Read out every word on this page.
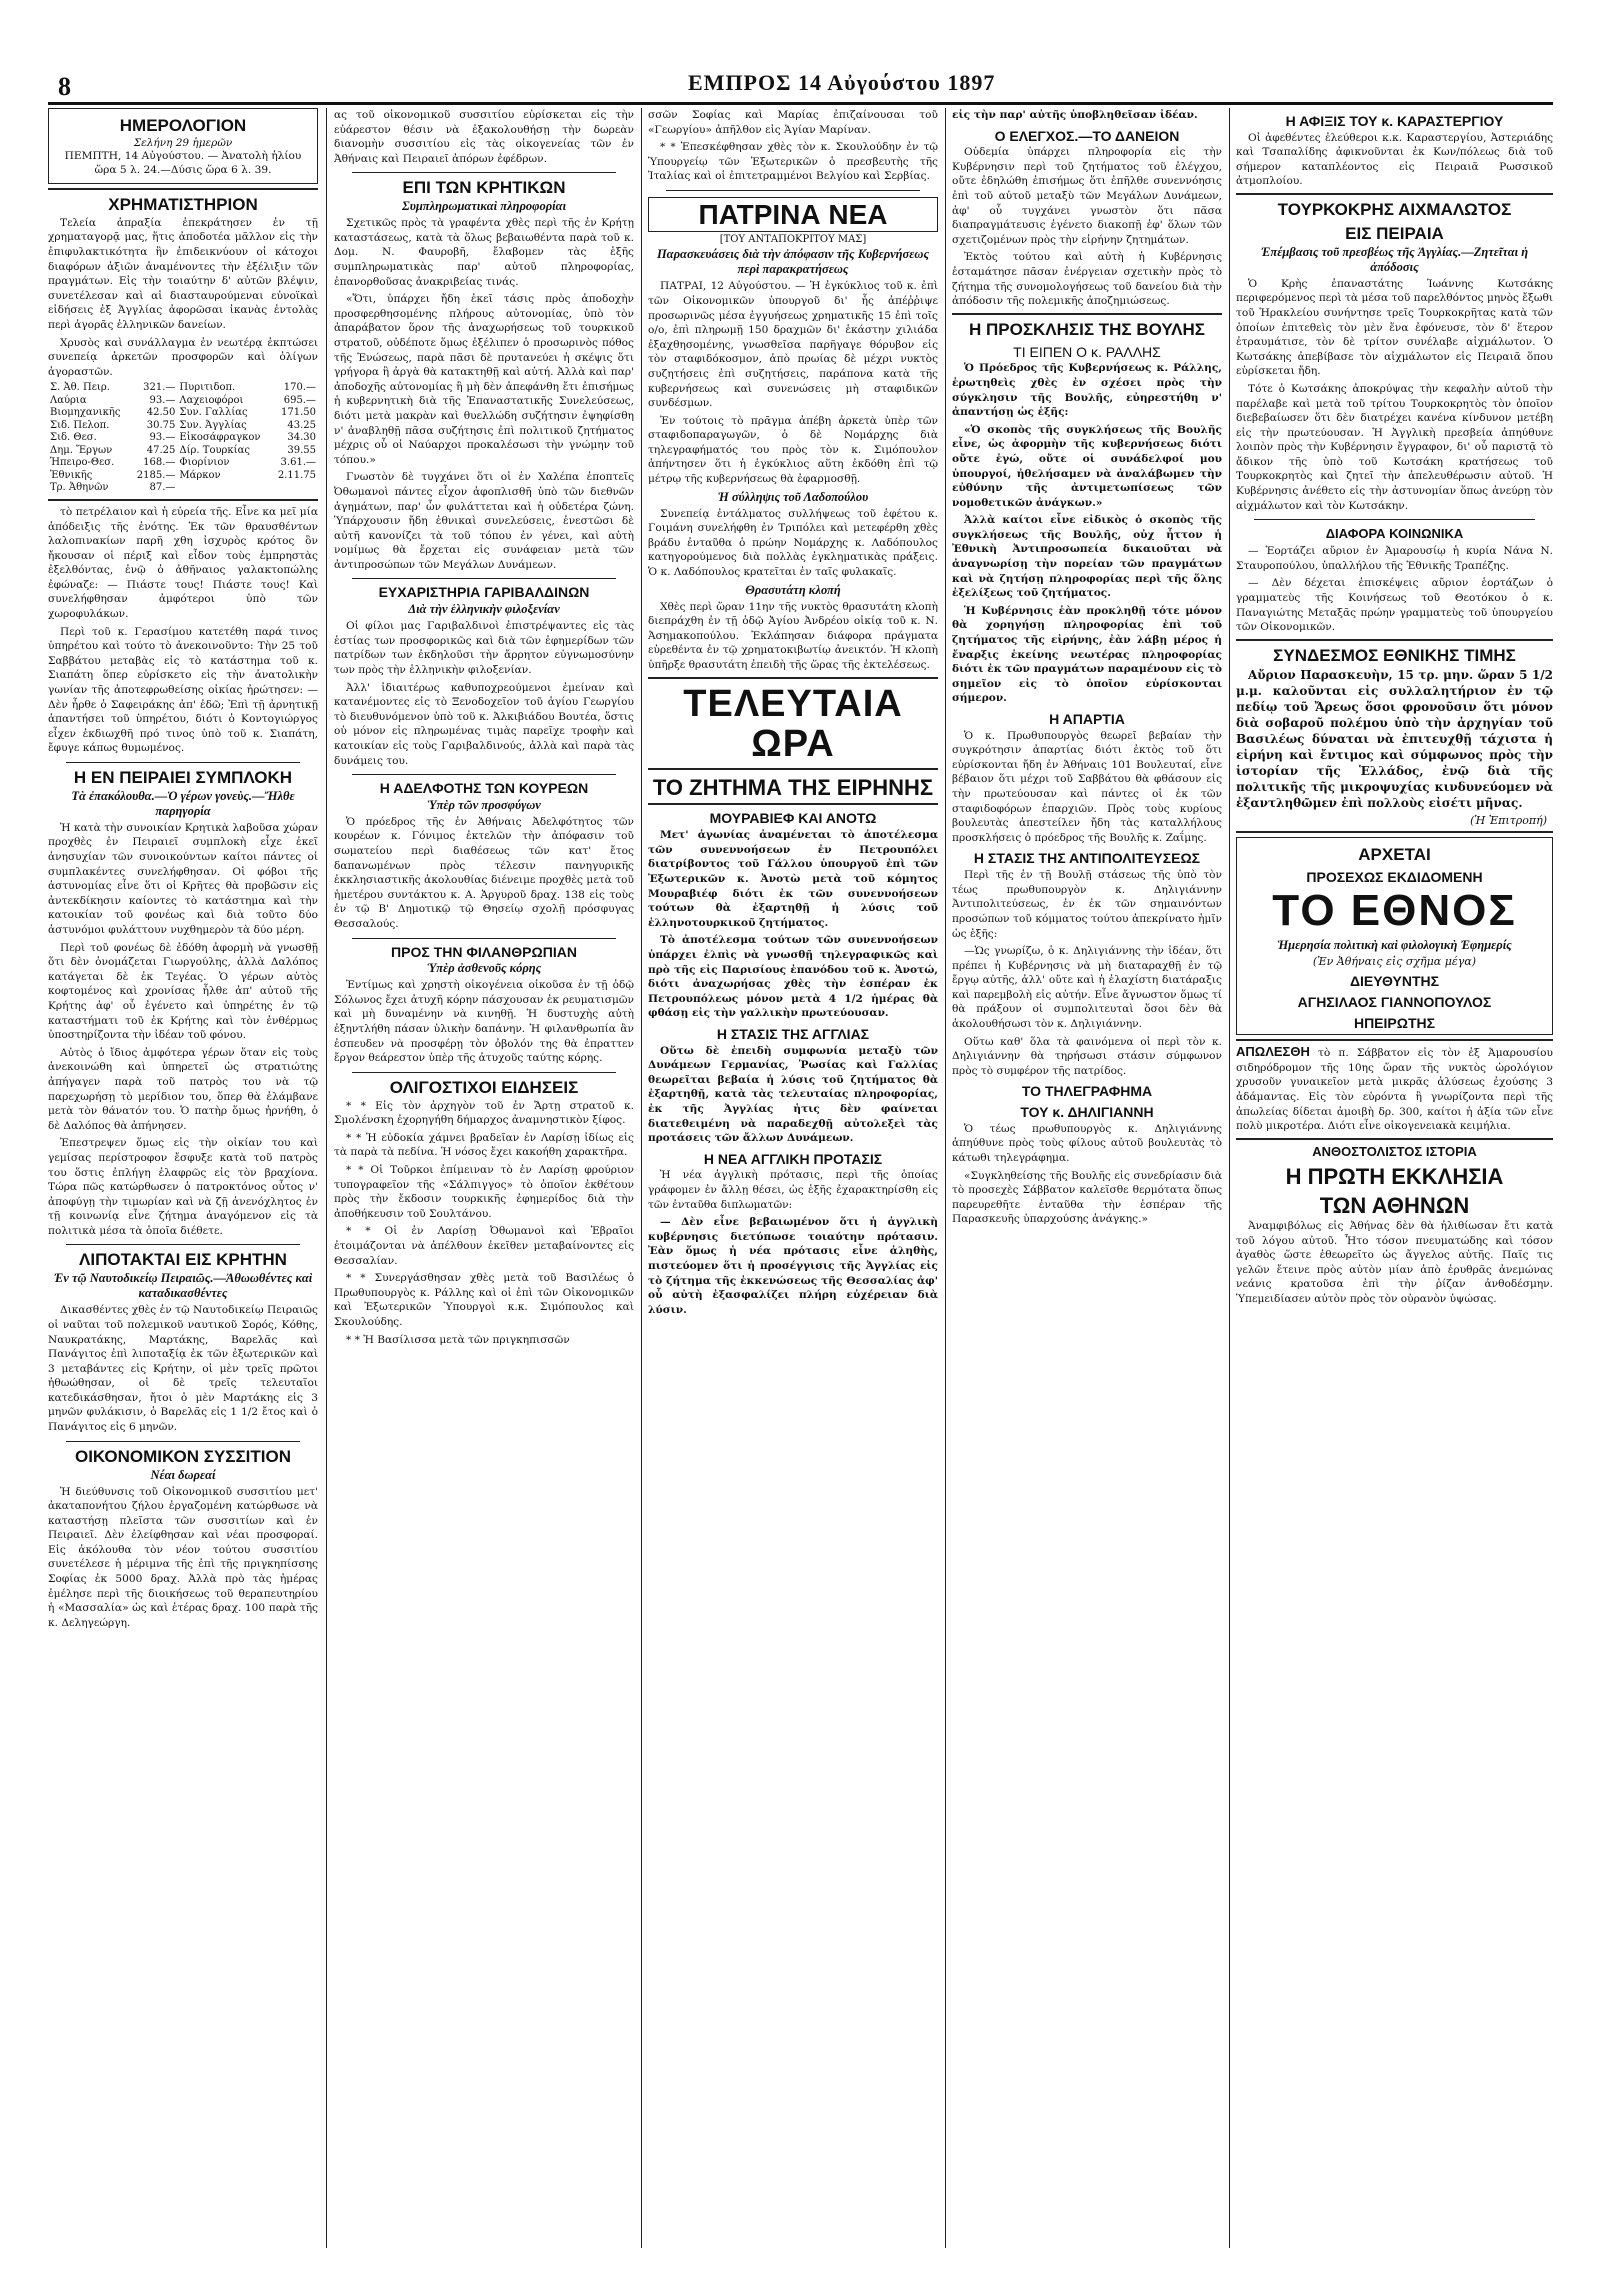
8	ΕΜΠΡΟΣ 14 Αὐγούστου 1897
ΗΜΕΡΟΛΟΓΙΟΝ
Σελήνη 29 ἡμερῶν

ΠΕΜΠΤΗ, 14 Αὐγούστου. — Ἀνατολὴ ἡλίου ὥρα 5 λ. 24.—Δύσις ὥρα 6 λ. 39.

ΧΡΗΜΑΤΙΣΤΗΡΙΟΝ

Τελεία ἀπραξία ἐπεκράτησεν ἐν τῇ χρηματαγορᾷ μας, ἥτις ἀποδοτέα μᾶλλον εἰς τὴν ἐπιφυλακτικότητα ἣν ἐπιδεικνύουν οἱ κάτοχοι διαφόρων ἀξιῶν ἀναμένοντες τὴν ἐξέλιξιν τῶν πραγμάτων. Εἰς τὴν τοιαύτην δ' αὐτῶν βλέψιν, συνετέλεσαν καὶ αἱ διασταυρούμεναι εὐνοϊκαὶ εἰδήσεις ἐξ Ἀγγλίας ἀφορῶσαι ἱκανὰς ἐντολὰς περὶ ἀγορᾶς ἑλληνικῶν δανείων.

Χρυσὸς καὶ συνάλλαγμα ἐν νεωτέρᾳ ἐκπτώσει συνεπείᾳ ἀρκετῶν προσφορῶν καὶ ὀλίγων ἀγοραστῶν.

Σ. Ἀθ. Πειρ.	321.—	Πυριτιδοπ.	170.—
Λαύρια	93.—	Λαχειοφόροι	695.—
Βιομηχανικῆς	42.50	Συν. Γαλλίας	171.50
Σιδ. Πελοπ.	30.75	Συν. Ἀγγλίας	43.25
Σιδ. Θεσ.	93.—	Εἰκοσάφραγκον	34.30
Δημ. Ἔργων	47.25	Δίρ. Τουρκίας	39.55
Ἠπειρο-Θεσ.	168.—	Φιορίνιον	3.61.—
Ἐθνικῆς	2185.—	Μάρκον	2.11.75
Τρ. Ἀθηνῶν	87.—		

τὸ πετρέλαιον καὶ ἡ εὐρεία τῆς. Εἶνε κα μεῖ μία ἀπόδειξις τῆς ἑνότης. Ἐκ τῶν θραυσθέντων λαλοπινακίων παρῆ χθη ἰσχυρὸς κρότος ὃν ἤκουσαν οἱ πέριξ καὶ εἶδον τοὺς ἐμπρηστὰς ἐξελθόντας, ἐνῷ ὁ ἀθῆναιος γαλακτοπώλης ἐφώναζε: — Πιάστε τους! Πιάστε τους! Καὶ συνελήφθησαν ἀμφότεροι ὑπὸ τῶν χωροφυλάκων.

Περὶ τοῦ κ. Γερασίμου κατετέθη παρά τινος ὑπηρέτου καὶ τούτο τὸ ἀνεκοινοῦντο: Τὴν 25 τοῦ Σαββάτου μεταβὰς εἰς τὸ κατάστημα τοῦ κ. Σιαπάτη ὅπερ εὑρίσκετο εἰς τὴν ἀνατολικὴν γωνίαν τῆς ἀποτεφρωθείσης οἰκίας ἠρώτησεν: — Δὲν ἦρθε ὁ Σαφειράκης ἀπ' ἐδῶ; Ἐπὶ τῇ ἀρνητικῇ ἀπαντήσει τοῦ ὑπηρέτου, διότι ὁ Κοντογιώργος εἶχεν ἐκδιωχθῆ πρό τινος ὑπὸ τοῦ κ. Σιαπάτη, ἔφυγε κάπως θυμωμένος.

Η ΕΝ ΠΕΙΡΑΙΕΙ ΣΥΜΠΛΟΚΗ
Τὰ ἐπακόλουθα.—Ὁ γέρων γονεὺς.—Ἤλθε παρηγορία

Ἡ κατὰ τὴν συνοικίαν Κρητικὰ λαβοῦσα χώραν προχθὲς ἐν Πειραιεῖ συμπλοκὴ εἶχε ἐκεῖ ἀνησυχίαν τῶν συνοικούντων καίτοι πάντες οἱ συμπλακέντες συνελήφθησαν. Οἱ φόβοι τῆς ἀστυνομίας εἶνε ὅτι οἱ Κρῆτες θὰ προβῶσιν εἰς ἀντεκδίκησιν καίοντες τὸ κατάστημα καὶ τὴν κατοικίαν τοῦ φονέως καὶ διὰ τοῦτο δύο ἀστυνόμοι φυλάττουν νυχθημερὸν τὰ δύο μέρη.

Περὶ τοῦ φονέως δὲ ἐδόθη ἀφορμὴ νὰ γνωσθῇ ὅτι δὲν ὀνομάζεται Γιωργούλης, ἀλλὰ Δαλόπος κατάγεται δὲ ἐκ Τεγέας. Ὁ γέρων αὐτὸς κοφτομένος καὶ χρονίσας ἦλθε ἀπ' αὐτοῦ τῆς Κρήτης ἀφ' οὗ ἐγένετο καὶ ὑπηρέτης ἐν τῷ καταστήματι τοῦ ἐκ Κρήτης καὶ τὸν ἐνθέρμως ὑποστηρίζοντα τὴν ἰδέαν τοῦ φόνου.

Αὐτὸς ὁ ἴδιος ἀμφότερα γέρων ὅταν εἰς τοὺς ἀνεκοινώθη καὶ ὑπηρετεῖ ὡς στρατιώτης ἀπήγαγεν παρὰ τοῦ πατρὸς του νὰ τῷ παρεχωρήσῃ τὸ μερίδιον του, ὅπερ θὰ ἐλάμβανε μετὰ τὸν θάνατόν του. Ὁ πατὴρ ὅμως ἠρνήθη, ὁ δὲ Δαλόπος θὰ ἀπήνησεν.

Ἐπεστρεψεν ὅμως εἰς τὴν οἰκίαν του καὶ γεμίσας περίστροφον ἔσφυξε κατὰ τοῦ πατρὸς του ὅστις ἐπλήγη ἐλαφρῶς εἰς τὸν βραχίονα. Τώρα πῶς κατώρθωσεν ὁ πατροκτόνος οὗτος ν' ἀποφύγῃ τὴν τιμωρίαν καὶ νὰ ζῇ ἀνενόχλητος ἐν τῇ κοινωνίᾳ εἶνε ζήτημα ἀναγόμενον εἰς τὰ πολιτικὰ μέσα τὰ ὁποῖα διέθετε.

ΛΙΠΟΤΑΚΤΑΙ ΕΙΣ ΚΡΗΤΗΝ
Ἐν τῷ Ναυτοδικείῳ Πειραιῶς.—Ἀθωωθέντες καὶ καταδικασθέντες

Δικασθέντες χθὲς ἐν τῷ Ναυτοδικείῳ Πειραιῶς οἱ ναῦται τοῦ πολεμικοῦ ναυτικοῦ Σορός, Κόθης, Ναυκρατάκης, Μαρτάκης, Βαρελᾶς καὶ Πανάγιτος ἐπὶ λιποταξίᾳ ἐκ τῶν ἐξωτερικῶν καὶ 3 μεταβάντες εἰς Κρήτην, οἱ μὲν τρεῖς πρῶτοι ἠθωώθησαν, οἱ δὲ τρεῖς τελευταῖοι κατεδικάσθησαν, ἤτοι ὁ μὲν Μαρτάκης εἰς 3 μηνῶν φυλάκισιν, ὁ Βαρελᾶς εἰς 1 1/2 ἔτος καὶ ὁ Πανάγιτος εἰς 6 μηνῶν.

ΟΙΚΟΝΟΜΙΚΟΝ ΣΥΣΣΙΤΙΟΝ
Νέαι δωρεαί

Ἡ διεύθυνσις τοῦ Οἰκονομικοῦ συσσιτίου μετ' ἀκαταπονήτου ζήλου ἐργαζομένη κατώρθωσε νὰ καταστήσῃ πλεῖστα τῶν συσσιτίων καὶ ἐν Πειραιεῖ. Δὲν ἐλείφθησαν καὶ νέαι προσφοραί. Εἰς ἀκόλουθα τὸν νέον τούτου συσσιτίου συνετέλεσε ἡ μέριμνα τῆς ἐπὶ τῆς πριγκηπίσσης Σοφίας ἐκ 5000 δραχ. Ἀλλὰ πρὸ τὰς ἡμέρας ἐμέλησε περὶ τῆς διοικήσεως τοῦ θεραπευτηρίου ἡ «Μασσαλία» ὡς καὶ ἑτέρας δραχ. 100 παρὰ τῆς κ. Δεληγεώργη.

ας τοῦ οἰκονομικοῦ συσσιτίου εὑρίσκεται εἰς τὴν εὐάρεστον θέσιν νὰ ἐξακολουθήσῃ τὴν δωρεὰν διανομὴν συσσιτίου εἰς τὰς οἰκογενείας τῶν ἐν Ἀθήναις καὶ Πειραιεῖ ἀπόρων ἐφέδρων.

ΕΠΙ ΤΩΝ ΚΡΗΤΙΚΩΝ
Συμπληρωματικαὶ πληροφορίαι

Σχετικῶς πρὸς τὰ γραφέντα χθὲς περὶ τῆς ἐν Κρήτῃ καταστάσεως, κατὰ τὰ ὅλως βεβαιωθέντα παρὰ τοῦ κ. Δομ. Ν. Φαυροβῆ, ἔλαβομεν τὰς ἑξῆς συμπληρωματικὰς παρ' αὐτοῦ πληροφορίας, ἐπανορθοῦσας ἀνακριβείας τινάς.

«Ὅτι, ὑπάρχει ἤδη ἐκεῖ τάσις πρὸς ἀποδοχὴν προσφερθησομένης πλήρους αὐτονομίας, ὑπὸ τὸν ἀπαράβατον ὅρον τῆς ἀναχωρήσεως τοῦ τουρκικοῦ στρατοῦ, οὐδέποτε ὅμως ἐξέλιπεν ὁ προσωρινὸς πόθος τῆς Ἑνώσεως, παρὰ πᾶσι δὲ πρυτανεύει ἡ σκέψις ὅτι γρήγορα ἢ ἀργὰ θὰ κατακτηθῇ καὶ αὐτή. Ἀλλὰ καὶ παρ' ἀποδοχῆς αὐτονομίας ἢ μὴ δὲν ἀπεφάνθη ἔτι ἐπισήμως ἡ κυβερνητικὴ διὰ τῆς Ἐπαναστατικῆς Συνελεύσεως, διότι μετὰ μακρὰν καὶ θυελλώδη συζήτησιν ἐψηφίσθη ν' ἀναβληθῇ πᾶσα συζήτησις ἐπὶ πολιτικοῦ ζητήματος μέχρις οὗ οἱ Ναύαρχοι προκαλέσωσι τὴν γνώμην τοῦ τόπου.»

Γνωστὸν δὲ τυγχάνει ὅτι οἱ ἐν Χαλέπα ἐποπτεῖς Ὀθωμανοὶ πάντες εἶχον ἀφοπλισθῆ ὑπὸ τῶν διεθνῶν ἀγημάτων, παρ' ὧν φυλάττεται καὶ ἡ οὐδετέρα ζώνη. Ὑπάρχουσιν ἤδη ἐθνικαὶ συνελεύσεις, ἐνεστῶσι δὲ αὐτῆ κανονίζει τὰ τοῦ τόπου ἐν γένει, καὶ αὐτὴ νομίμως θὰ ἔρχεται εἰς συνάφειαν μετὰ τῶν ἀντιπροσώπων τῶν Μεγάλων Δυνάμεων.

ΕΥΧΑΡΙΣΤΗΡΙΑ ΓΑΡΙΒΑΛΔΙΝΩΝ
Διὰ τὴν ἑλληνικὴν φιλοξενίαν

Οἱ φίλοι μας Γαριβαλδινοὶ ἐπιστρέψαντες εἰς τὰς ἑστίας των προσφορικῶς καὶ διὰ τῶν ἐφημερίδων τῶν πατρίδων των ἐκδηλοῦσι τὴν ἄρρητον εὐγνωμοσύνην των πρὸς τὴν ἑλληνικὴν φιλοξενίαν.

Ἀλλ' ἰδιαιτέρως καθυποχρεούμενοι ἐμείναν καὶ κατανέμοντες εἰς τὸ Ξενοδοχεῖον τοῦ ἁγίου Γεωργίου τὸ διευθυνόμενον ὑπὸ τοῦ κ. Ἀλκιβιάδου Βουτέα, ὅστις οὐ μόνον εἰς πληρωμένας τιμὰς παρεῖχε τροφὴν καὶ κατοικίαν εἰς τοὺς Γαριβαλδινούς, ἀλλὰ καὶ παρὰ τὰς δυνάμεις του.

Η ΑΔΕΛΦΟΤΗΣ ΤΩΝ ΚΟΥΡΕΩΝ
Ὑπὲρ τῶν προσφύγων

Ὁ πρόεδρος τῆς ἐν Ἀθήναις Ἀδελφότητος τῶν κουρέων κ. Γόνιμος ἐκτελῶν τὴν ἀπόφασιν τοῦ σωματείου περὶ διαθέσεως τῶν κατ' ἔτος δαπανωμένων πρὸς τέλεσιν πανηγυρικῆς ἐκκλησιαστικῆς ἀκολουθίας διένειμε προχθὲς μετὰ τοῦ ἡμετέρου συντάκτου κ. Α. Ἀργυροῦ δραχ. 138 εἰς τοὺς ἐν τῷ Β' Δημοτικῷ τῷ Θησείῳ σχολῇ πρόσφυγας Θεσσαλούς.

ΠΡΟΣ ΤΗΝ ΦΙΛΑΝΘΡΩΠΙΑΝ
Ὑπὲρ ἀσθενοῦς κόρης

Ἐντίμως καὶ χρηστὴ οἰκογένεια οἰκοῦσα ἐν τῇ ὁδῷ Σόλωνος ἔχει ἀτυχῆ κόρην πάσχουσαν ἐκ ρευματισμῶν καὶ μὴ δυναμένην νὰ κινηθῇ. Ἡ δυστυχὴς αὐτὴ ἐξηντλήθη πάσαν ὑλικὴν δαπάνην. Ἡ φιλανθρωπία ἂν ἐσπευδεν νὰ προσφέρῃ τὸν ὀβολόν της θὰ ἐπραττεν ἔργον θεάρεστον ὑπὲρ τῆς ἀτυχοῦς ταύτης κόρης.

ΟΛΙΓΟΣΤΙΧΟΙ ΕΙΔΗΣΕΙΣ

* * Εἰς τὸν ἀρχηγὸν τοῦ ἐν Ἄρτῃ στρατοῦ κ. Σμολένσκη ἐχορηγήθη δήμαρχος ἀναμνηστικὸν ξίφος.

* * Ἡ εὐδοκία χάμνει βραδεῖαν ἐν Λαρίσῃ ἰδίως εἰς τὰ παρὰ τὰ πεδίνα. Ἡ νόσος ἔχει κακοήθη χαρακτῆρα.

* * Οἱ Τοῦρκοι ἐπίμειναν τὸ ἐν Λαρίσῃ φρούριον τυπογραφεῖον τῆς «Σάλπιγγος» τὸ ὁποῖον ἐκθέτουν πρὸς τὴν ἔκδοσιν τουρκικῆς ἐφημερίδος διὰ τὴν ἀποθήκευσιν τοῦ Σουλτάνου.

* * Οἱ ἐν Λαρίσῃ Ὀθωμανοὶ καὶ Ἐβραῖοι ἐτοιμάζονται νὰ ἀπέλθουν ἐκεῖθεν μεταβαίνοντες εἰς Θεσσαλίαν.

* * Συνεργάσθησαν χθὲς μετὰ τοῦ Βασιλέως ὁ Πρωθυπουργὸς κ. Ράλλης καὶ οἱ ἐπὶ τῶν Οἰκονομικῶν καὶ Ἐξωτερικῶν Ὑπουργοὶ κ.κ. Σιμόπουλος καὶ Σκουλούδης.

* * Ἡ Βασίλισσα μετὰ τῶν πριγκηπισσῶν

σσῶν Σοφίας καὶ Μαρίας ἐπιζαίνουσαι τοῦ «Γεωργίου» ἀπῆλθον εἰς Ἁγίαν Μαρίναν.

* * Ἐπεσκέφθησαν χθὲς τὸν κ. Σκουλούδην ἐν τῷ Ὑπουργείῳ τῶν Ἐξωτερικῶν ὁ πρεσβευτὴς τῆς Ἰταλίας καὶ οἱ ἐπιτετραμμένοι Βελγίου καὶ Σερβίας.

ΠΑΤΡΙΝΑ ΝΕΑ
[ΤΟΥ ΑΝΤΑΠΟΚΡΙΤΟΥ ΜΑΣ]
Παρασκευάσεις διὰ τὴν ἀπόφασιν τῆς Κυβερνήσεως περὶ παρακρατήσεως

ΠΑΤΡΑΙ, 12 Αὐγούστου. — Ἡ ἐγκύκλιος τοῦ κ. ἐπὶ τῶν Οἰκονομικῶν ὑπουργοῦ δι' ἧς ἀπέῤῥιψε προσωρινῶς μέσα ἐγγυήσεως χρηματικῆς 15 ἐπὶ τοῖς ο/ο, ἐπὶ πληρωμῇ 150 δραχμῶν δι' ἑκάστην χιλιάδα ἐξαχθησομένης, γνωσθεῖσα παρῆγαγε θόρυβον εἰς τὸν σταφιδόκοσμον, ἀπὸ πρωίας δὲ μέχρι νυκτὸς συζητήσεις ἐπὶ συζητήσεις, παράπονα κατὰ τῆς κυβερνήσεως καὶ συνενώσεις μὴ σταφιδικῶν συνδέσμων.

Ἐν τούτοις τὸ πρᾶγμα ἀπέβη ἀρκετὰ ὑπὲρ τῶν σταφιδοπαραγωγῶν, ὁ δὲ Νομάρχης διὰ τηλεγραφήματός του πρὸς τὸν κ. Σιμόπουλον ἀπήντησεν ὅτι ἡ ἐγκύκλιος αὕτη ἐκδόθη ἐπὶ τῷ μέτρῳ τῆς κυβερνήσεως θὰ ἐφαρμοσθῇ.

Ἡ σύλληψις τοῦ Λαδοπούλου

Συνεπείᾳ ἐντάλματος συλλήψεως τοῦ ἐφέτου κ. Γοιμάνη συνελήφθη ἐν Τριπόλει καὶ μετεφέρθη χθὲς βράδυ ἐνταῦθα ὁ πρώην Νομάρχης κ. Λαδόπουλος κατηγορούμενος διὰ πολλὰς ἐγκληματικὰς πράξεις. Ὁ κ. Λαδόπουλος κρατεῖται ἐν ταῖς φυλακαῖς.

Θρασυτάτη κλοπή

Χθὲς περὶ ὥραν 11ην τῆς νυκτὸς θρασυτάτη κλοπὴ διεπράχθη ἐν τῇ ὁδῷ Ἀγίου Ἀνδρέου οἰκίᾳ τοῦ κ. Ν. Ἀσημακοπούλου. Ἐκλάπησαν διάφορα πράγματα εὑρεθέντα ἐν τῷ χρηματοκιβωτίῳ ἀνεικτόν. Ἡ κλοπὴ ὑπῆρξε θρασυτάτη ἐπειδὴ τῆς ὥρας τῆς ἐκτελέσεως.

ΤΕΛΕΥΤΑΙΑ ΩΡΑ
ΤΟ ΖΗΤΗΜΑ ΤΗΣ ΕΙΡΗΝΗΣ
ΜΟΥΡΑΒΙΕΦ ΚΑΙ ΑΝΟΤΩ

Μετ' ἀγωνίας ἀναμένεται τὸ ἀποτέλεσμα τῶν συνεννοήσεων ἐν Πετρουπόλει διατρίβοντος τοῦ Γάλλου ὑπουργοῦ ἐπὶ τῶν Ἐξωτερικῶν κ. Ἀνοτὼ μετὰ τοῦ κόμητος Μουραβιέφ διότι ἐκ τῶν συνεννοήσεων τούτων θὰ ἐξαρτηθῇ ἡ λύσις τοῦ ἑλληνοτουρκικοῦ ζητήματος.

Τὸ ἀποτέλεσμα τούτων τῶν συνεννοήσεων ὑπάρχει ἐλπὶς νὰ γνωσθῇ τηλεγραφικῶς καὶ πρὸ τῆς εἰς Παρισίους ἐπανόδου τοῦ κ. Ἀνοτώ, διότι ἀναχωρήσας χθὲς τὴν ἑσπέραν ἐκ Πετρουπόλεως μόνον μετὰ 4 1/2 ἡμέρας θὰ φθάσῃ εἰς τὴν γαλλικὴν πρωτεύουσαν.

Η ΣΤΑΣΙΣ ΤΗΣ ΑΓΓΛΙΑΣ

Οὕτω δὲ ἐπειδὴ συμφωνία μεταξὺ τῶν Δυνάμεων Γερμανίας, Ῥωσίας καὶ Γαλλίας θεωρεῖται βεβαία ἡ λύσις τοῦ ζητήματος θὰ ἐξαρτηθῇ, κατὰ τὰς τελευταίας πληροφορίας, ἐκ τῆς Ἀγγλίας ἡτις δὲν φαίνεται διατεθειμένη νὰ παραδεχθῇ αὐτολεξεὶ τὰς προτάσεις τῶν ἄλλων Δυνάμεων.

Η ΝΕΑ ΑΓΓΛΙΚΗ ΠΡΟΤΑΣΙΣ

Ἡ νέα ἀγγλικὴ πρότασις, περὶ τῆς ὁποίας γράφομεν ἐν ἄλλῃ θέσει, ὡς ἑξῆς ἐχαρακτηρίσθη εἰς τῶν ἐνταῦθα διπλωματῶν:

— Δὲν εἶνε βεβαιωμένον ὅτι ἡ ἀγγλικὴ κυβέρνησις διετύπωσε τοιαύτην πρότασιν. Ἐὰν ὅμως ἡ νέα πρότασις εἶνε ἀληθὴς, πιστεύομεν ὅτι ἡ προσέγγισις τῆς Ἀγγλίας εἰς τὸ ζήτημα τῆς ἐκκενώσεως τῆς Θεσσαλίας ἀφ' οὗ αὐτὴ ἐξασφαλίζει πλήρη εὐχέρειαν διὰ λύσιν.

εἰς τὴν παρ' αὐτῆς ὑποβληθεῖσαν ἰδέαν.

Ο ΕΛΕΓΧΟΣ.—ΤΟ ΔΑΝΕΙΟΝ

Οὐδεμία ὑπάρχει πληροφορία εἰς τὴν Κυβέρνησιν περὶ τοῦ ζητήματος τοῦ ἐλέγχου, οὔτε ἐδηλώθη ἐπισήμως ὅτι ἐπῆλθε συνεννόησις ἐπὶ τοῦ αὐτοῦ μεταξὺ τῶν Μεγάλων Δυνάμεων, ἀφ' οὗ τυγχάνει γνωστὸν ὅτι πᾶσα διαπραγμάτευσις ἐγένετο διακοπῇ ἐφ' ὅλων τῶν σχετιζομένων πρὸς τὴν εἰρήνην ζητημάτων.

Ἐκτὸς τούτου καὶ αὐτὴ ἡ Κυβέρνησις ἐσταμάτησε πᾶσαν ἐνέργειαν σχετικὴν πρὸς τὸ ζήτημα τῆς συνομολογήσεως τοῦ δανείου διὰ τὴν ἀπόδοσιν τῆς πολεμικῆς ἀποζημιώσεως.

Η ΠΡΟΣΚΛΗΣΙΣ ΤΗΣ ΒΟΥΛΗΣ
ΤΙ ΕΙΠΕΝ Ο κ. ΡΑΛΛΗΣ

Ὁ Πρόεδρος τῆς Κυβερνήσεως κ. Ράλλης, ἐρωτηθεὶς χθὲς ἐν σχέσει πρὸς τὴν σύγκλησιν τῆς Βουλῆς, εὐηρεστήθη ν' ἀπαντήσῃ ὡς ἑξῆς:

«Ὁ σκοπὸς τῆς συγκλήσεως τῆς Βουλῆς εἶνε, ὡς ἀφορμὴν τῆς κυβερνήσεως διότι οὔτε ἐγώ, οὔτε οἱ συνάδελφοί μου ὑπουργοί, ἠθελήσαμεν νὰ ἀναλάβωμεν τὴν εὐθύνην τῆς ἀντιμετωπίσεως τῶν νομοθετικῶν ἀνάγκων.»

Ἀλλὰ καίτοι εἶνε εἰδικὸς ὁ σκοπὸς τῆς συγκλήσεως τῆς Βουλῆς, οὐχ ἧττον ἡ Ἐθνικὴ Ἀντιπροσωπεία δικαιοῦται νὰ ἀναγνωρίσῃ τὴν πορείαν τῶν πραγμάτων καὶ νὰ ζητήσῃ πληροφορίας περὶ τῆς ὅλης ἐξελίξεως τοῦ ζητήματος.

Ἡ Κυβέρνησις ἐὰν προκληθῇ τότε μόνον θὰ χορηγήσῃ πληροφορίας ἐπὶ τοῦ ζητήματος τῆς εἰρήνης, ἐὰν λάβῃ μέρος ἡ ἔναρξις ἐκείνης νεωτέρας πληροφορίας διότι ἐκ τῶν πραγμάτων παραμένουν εἰς τὸ σημεῖον εἰς τὸ ὁποῖον εὑρίσκονται σήμερον.

Η ΑΠΑΡΤΙΑ

Ὁ κ. Πρωθυπουργὸς θεωρεῖ βεβαίαν τὴν συγκρότησιν ἀπαρτίας διότι ἐκτὸς τοῦ ὅτι εὑρίσκονται ἤδη ἐν Ἀθήναις 101 Βουλευταί, εἶνε βέβαιον ὅτι μέχρι τοῦ Σαββάτου θὰ φθάσουν εἰς τὴν πρωτεύουσαν καὶ πάντες οἱ ἐκ τῶν σταφιδοφόρων ἐπαρχιῶν. Πρὸς τοὺς κυρίους βουλευτὰς ἀπεστείλεν ἤδη τὰς καταλλήλους προσκλήσεις ὁ πρόεδρος τῆς Βουλῆς κ. Ζαΐμης.

Η ΣΤΑΣΙΣ ΤΗΣ ΑΝΤΙΠΟΛΙΤΕΥΣΕΩΣ

Περὶ τῆς ἐν τῇ Βουλῇ στάσεως τῆς ὑπὸ τὸν τέως πρωθυπουργὸν κ. Δηλιγιάννην Ἀντιπολιτεύσεως, ἐν ἐκ τῶν σημαινόντων προσώπων τοῦ κόμματος τούτου ἀπεκρίνατο ἡμῖν ὡς ἑξῆς:

—Ὡς γνωρίζω, ὁ κ. Δηλιγιάννης τὴν ἰδέαν, ὅτι πρέπει ἡ Κυβέρνησις νὰ μὴ διαταραχθῇ ἐν τῷ ἔργῳ αὐτῆς, ἀλλ' οὔτε καὶ ἡ ἐλαχίστη διατάραξις καὶ παρεμβολὴ εἰς αὐτήν. Εἶνε ἄγνωστον ὅμως τί θὰ πράξουν οἱ συμπολιτευταὶ ὅσοι δὲν θὰ ἀκολουθήσωσι τὸν κ. Δηλιγιάννην.

Οὕτω καθ' ὅλα τὰ φαινόμενα οἱ περὶ τὸν κ. Δηλιγιάννην θὰ τηρήσωσι στάσιν σύμφωνον πρὸς τὸ συμφέρον τῆς πατρίδος.

ΤΟ ΤΗΛΕΓΡΑΦΗΜΑ
ΤΟΥ κ. ΔΗΛΙΓΙΑΝΝΗ

Ὁ τέως πρωθυπουργὸς κ. Δηλιγιάννης ἀπηύθυνε πρὸς τοὺς φίλους αὐτοῦ βουλευτὰς τὸ κάτωθι τηλεγράφημα.

«Συγκληθείσης τῆς Βουλῆς εἰς συνεδρίασιν διὰ τὸ προσεχὲς Σάββατον καλεῖσθε θερμότατα ὅπως παρευρεθῆτε ἐνταῦθα τὴν ἑσπέραν τῆς Παρασκευῆς ὑπαρχούσης ἀνάγκης.»

Η ΑΦΙΞΙΣ ΤΟΥ κ. ΚΑΡΑΣΤΕΡΓΙΟΥ

Οἱ ἀφεθέντες ἐλεύθεροι κ.κ. Καραστεργίου, Ἀστεριάδης καὶ Τσαπαλίδης ἀφικνοῦνται ἐκ Κων/πόλεως διὰ τοῦ σήμερον καταπλέοντος εἰς Πειραιᾶ Ρωσσικοῦ ἀτμοπλοίου.

ΤΟΥΡΚΟΚΡΗΣ ΑΙΧΜΑΛΩΤΟΣ
ΕΙΣ ΠΕΙΡΑΙΑ
Ἐπέμβασις τοῦ πρεσβέως τῆς Ἀγγλίας.—Ζητεῖται ἡ ἀπόδοσις

Ὁ Κρὴς ἐπαναστάτης Ἰωάννης Κωτσάκης περιφερόμενος περὶ τὰ μέσα τοῦ παρελθόντος μηνὸς ἔξωθι τοῦ Ἡρακλείου συνήντησε τρεῖς Τουρκοκρῆτας κατὰ τῶν ὁποίων ἐπιτεθεὶς τὸν μὲν ἕνα ἐφόνευσε, τὸν δ' ἕτερον ἐτραυμάτισε, τὸν δὲ τρίτον συνέλαβε αἰχμάλωτον. Ὁ Κωτσάκης ἀπεβίβασε τὸν αἰχμάλωτον εἰς Πειραιᾶ ὅπου εὑρίσκεται ἤδη.

Τότε ὁ Κωτσάκης ἀποκρύψας τὴν κεφαλὴν αὐτοῦ τὴν παρέλαβε καὶ μετὰ τοῦ τρίτου Τουρκοκρητὸς τὸν ὁποῖον διεβεβαίωσεν ὅτι δὲν διατρέχει κανένα κίνδυνον μετέβη εἰς τὴν πρωτεύουσαν. Ἡ Ἀγγλικὴ πρεσβεία ἀπηύθυνε λοιπὸν πρὸς τὴν Κυβέρνησιν ἔγγραφον, δι' οὗ παριστᾷ τὸ ἄδικον τῆς ὑπὸ τοῦ Κωτσάκη κρατήσεως τοῦ Τουρκοκρητὸς καὶ ζητεῖ τὴν ἀπελευθέρωσιν αὐτοῦ. Ἡ Κυβέρνησις ἀνέθετο εἰς τὴν ἀστυνομίαν ὅπως ἀνεύρῃ τὸν αἰχμάλωτον καὶ τὸν Κωτσάκην.

ΔΙΑΦΟΡΑ ΚΟΙΝΩΝΙΚΑ

— Ἑορτάζει αὔριον ἐν Ἀμαρουσίῳ ἡ κυρία Νάνα Ν. Σταυροπούλου, ὑπαλλήλου τῆς Ἐθνικῆς Τραπέζης.

— Δὲν δέχεται ἐπισκέψεις αὔριον ἑορτάζων ὁ γραμματεὺς τῆς Κοινήσεως τοῦ Θεοτόκου ὁ κ. Παναγιώτης Μεταξᾶς πρώην γραμματεὺς τοῦ ὑπουργείου τῶν Οἰκονομικῶν.

ΣΥΝΔΕΣΜΟΣ ΕΘΝΙΚΗΣ ΤΙΜΗΣ

Αὔριον Παρασκευὴν, 15 τρ. μην. ὥραν 5 1/2 μ.μ. καλοῦνται εἰς συλλαλητήριον ἐν τῷ πεδίῳ τοῦ Ἄρεως ὅσοι φρονοῦσιν ὅτι μόνον διὰ σοβαροῦ πολέμου ὑπὸ τὴν ἀρχηγίαν τοῦ Βασιλέως δύναται νὰ ἐπιτευχθῇ τάχιστα ἡ εἰρήνη καὶ ἔντιμος καὶ σύμφωνος πρὸς τὴν ἱστορίαν τῆς Ἑλλάδος, ἐνῷ διὰ τῆς πολιτικῆς τῆς μικροψυχίας κινδυνεύομεν νὰ ἐξαντληθῶμεν ἐπὶ πολλοὺς εἰσέτι μῆνας.

(Ἡ Ἐπιτροπή)
ΑΡΧΕΤΑΙ
ΠΡΟΣΕΧΩΣ ΕΚΔΙΔΟΜΕΝΗ
ΤΟ ΕΘΝΟΣ
Ἡμερησία πολιτικὴ καὶ φιλολογικὴ Ἐφημερίς
(Ἐν Ἀθήναις εἰς σχῆμα μέγα)
ΔΙΕΥΘΥΝΤΗΣ
ΑΓΗΣΙΛΑΟΣ ΓΙΑΝΝΟΠΟΥΛΟΣ
ΗΠΕΙΡΩΤΗΣ

ΑΠΩΛΕΣΘΗ τὸ π. Σάββατον εἰς τὸν ἐξ Ἀμαρουσίου σιδηρόδρομον τῆς 10ης ὥραν τῆς νυκτὸς ὡρολόγιον χρυσοῦν γυναικεῖον μετὰ μικρᾶς ἁλύσεως ἐχούσης 3 ἀδάμαντας. Εἰς τὸν εὑρόντα ἢ γνωρίζοντα περὶ τῆς ἀπωλείας δίδεται ἀμοιβὴ δρ. 300, καίτοι ἡ ἀξία τῶν εἶνε πολὺ μικροτέρα. Διότι εἶνε οἰκογενειακὰ κειμήλια.

ΑΝΘΟΣΤΟΛΙΣΤΟΣ ΙΣΤΟΡΙΑ
Η ΠΡΩΤΗ ΕΚΚΛΗΣΙΑ
ΤΩΝ ΑΘΗΝΩΝ

Ἀναμφιβόλως εἰς Ἀθήνας δὲν θὰ ἠλιθίωσαν ἔτι κατὰ τοῦ λόγου αὐτοῦ. Ἦτο τόσον πνευματώδης καὶ τόσον ἀγαθὸς ὥστε ἐθεωρεῖτο ὡς ἄγγελος αὐτῆς. Παῖς τις γελῶν ἔτεινε πρὸς αὐτὸν μίαν ἀπὸ ἐρυθρᾶς ἀνεμώνας νεάνις κρατοῦσα ἐπὶ τὴν ῥίζαν ἀνθοδέσμην. Ὑπεμειδίασεν αὐτὸν πρὸς τὸν οὐρανὸν ὑψώσας.
